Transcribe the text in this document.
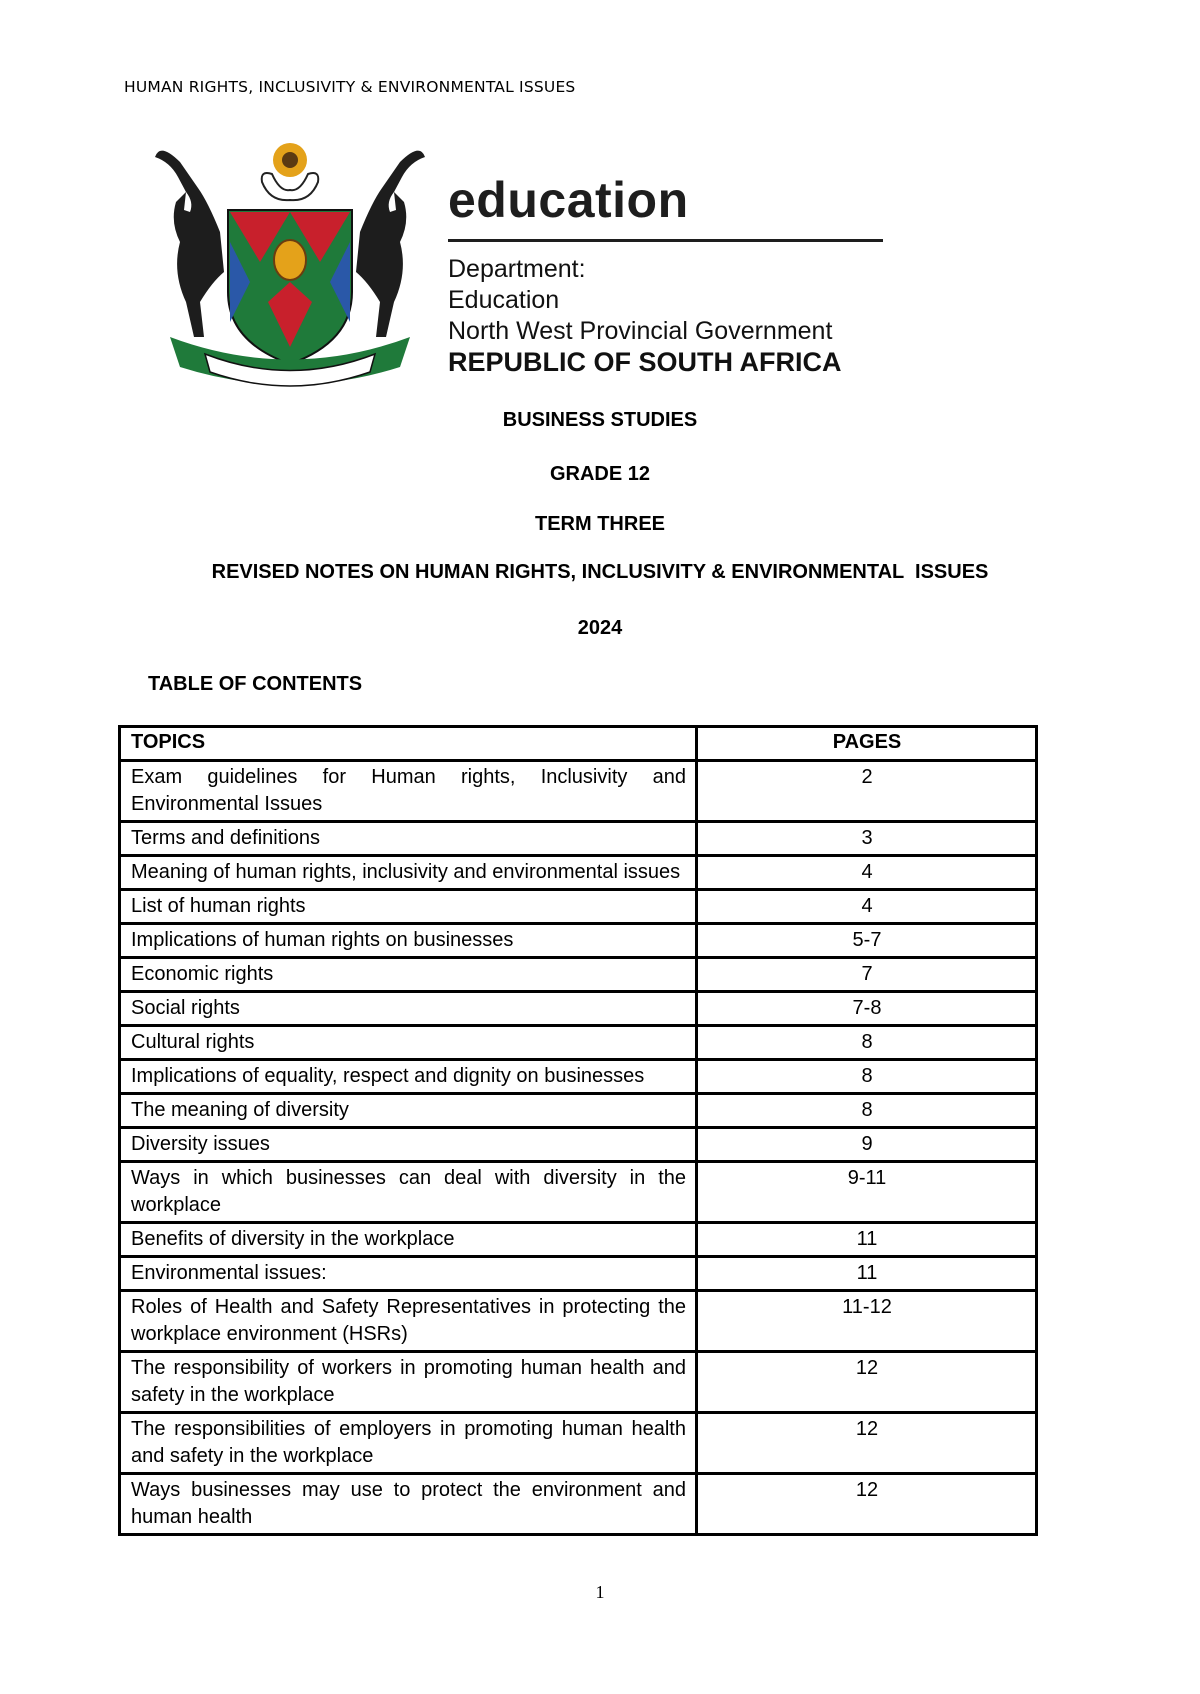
HUMAN RIGHTS, INCLUSIVITY & ENVIRONMENTAL ISSUES
education
Department:
Education
North West Provincial Government
REPUBLIC OF SOUTH AFRICA
BUSINESS STUDIES
GRADE 12
TERM THREE
REVISED NOTES ON HUMAN RIGHTS, INCLUSIVITY & ENVIRONMENTAL  ISSUES
2024
TABLE OF CONTENTS
TOPICS	PAGES
Exam guidelines for Human rights, Inclusivity and Environmental Issues	2
Terms and definitions	3
Meaning of human rights, inclusivity and environmental issues	4
List of human rights	4
Implications of human rights on businesses	5-7
Economic rights	7
Social rights	7-8
Cultural rights	8
Implications of equality, respect and dignity on businesses	8
The meaning of diversity	8
Diversity issues	9
Ways in which businesses can deal with diversity in the workplace	9-11
Benefits of diversity in the workplace	11
Environmental issues:	11
Roles of Health and Safety Representatives in protecting the workplace environment (HSRs)	11-12
The responsibility of workers in promoting human health and safety in the workplace	12
The responsibilities of employers in promoting human health and safety in the workplace	12
Ways businesses may use to protect the environment and human health	12
1
